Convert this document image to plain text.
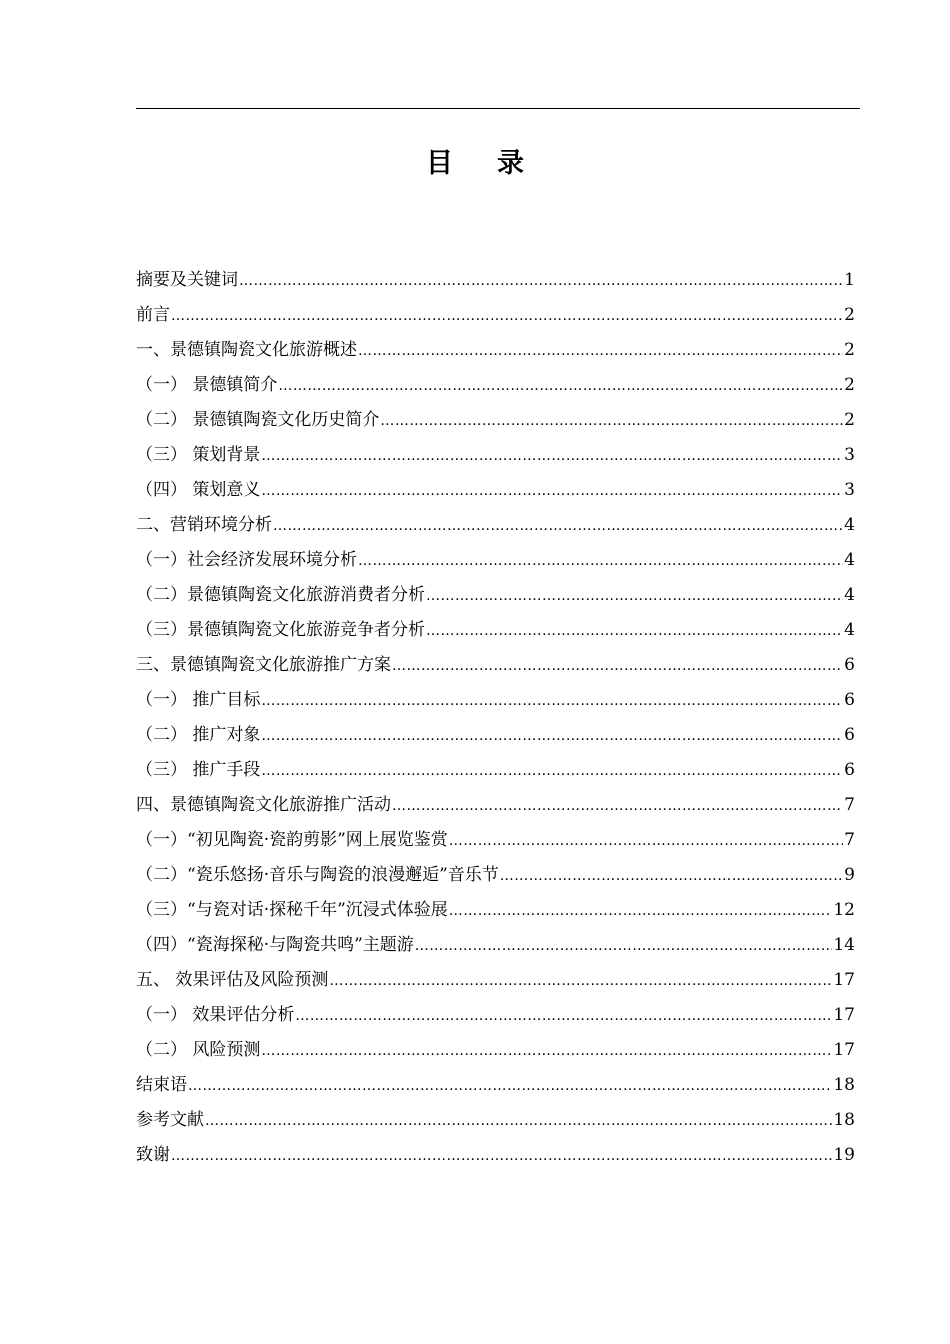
目 录
摘要及关键词 …………………………………………………………………………………………………………………………………………………………………………………………………………	1
前言 …………………………………………………………………………………………………………………………………………………………………………………………………………	2
一、景德镇陶瓷文化旅游概述 …………………………………………………………………………………………………………………………………………………………………………………………………………	2
（一） 景德镇简介 …………………………………………………………………………………………………………………………………………………………………………………………………………	2
（二） 景德镇陶瓷文化历史简介 …………………………………………………………………………………………………………………………………………………………………………………………………………	2
（三） 策划背景 …………………………………………………………………………………………………………………………………………………………………………………………………………	3
（四） 策划意义 …………………………………………………………………………………………………………………………………………………………………………………………………………	3
二、营销环境分析 …………………………………………………………………………………………………………………………………………………………………………………………………………	4
（一）社会经济发展环境分析 …………………………………………………………………………………………………………………………………………………………………………………………………………	4
（二）景德镇陶瓷文化旅游消费者分析 …………………………………………………………………………………………………………………………………………………………………………………………………………	4
（三）景德镇陶瓷文化旅游竞争者分析 …………………………………………………………………………………………………………………………………………………………………………………………………………	4
三、景德镇陶瓷文化旅游推广方案 …………………………………………………………………………………………………………………………………………………………………………………………………………	6
（一） 推广目标 …………………………………………………………………………………………………………………………………………………………………………………………………………	6
（二） 推广对象 …………………………………………………………………………………………………………………………………………………………………………………………………………	6
（三） 推广手段 …………………………………………………………………………………………………………………………………………………………………………………………………………	6
四、景德镇陶瓷文化旅游推广活动 …………………………………………………………………………………………………………………………………………………………………………………………………………	7
（一）“初见陶瓷·瓷韵剪影”网上展览鉴赏 …………………………………………………………………………………………………………………………………………………………………………………………………………	7
（二）“瓷乐悠扬·音乐与陶瓷的浪漫邂逅”音乐节 …………………………………………………………………………………………………………………………………………………………………………………………………………	9
（三）“与瓷对话·探秘千年”沉浸式体验展 …………………………………………………………………………………………………………………………………………………………………………………………………………	12
（四）“瓷海探秘·与陶瓷共鸣”主题游 …………………………………………………………………………………………………………………………………………………………………………………………………………	14
五、 效果评估及风险预测 …………………………………………………………………………………………………………………………………………………………………………………………………………	17
（一） 效果评估分析 …………………………………………………………………………………………………………………………………………………………………………………………………………	17
（二） 风险预测 …………………………………………………………………………………………………………………………………………………………………………………………………………	17
结束语 …………………………………………………………………………………………………………………………………………………………………………………………………………	18
参考文献 …………………………………………………………………………………………………………………………………………………………………………………………………………	18
致谢 …………………………………………………………………………………………………………………………………………………………………………………………………………	19
